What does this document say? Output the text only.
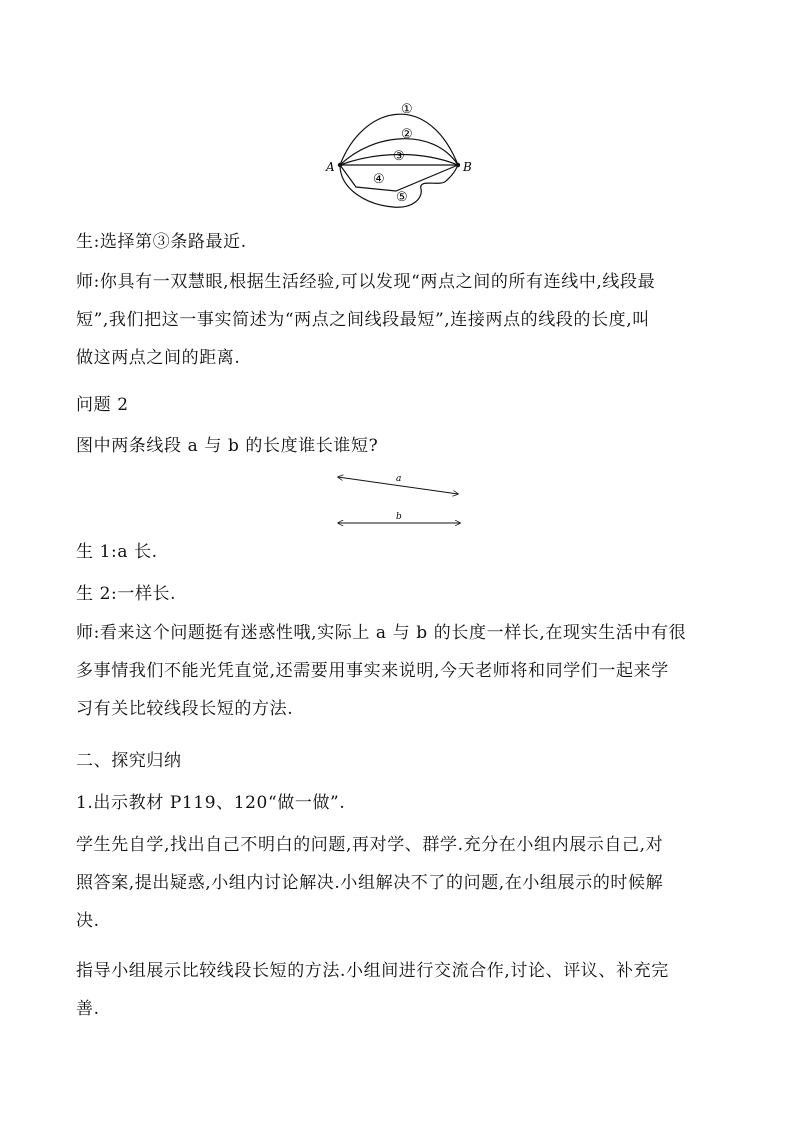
A	B
①
②
③
④
⑤
a
b
生:选择第③条路最近.
师:你具有一双慧眼,根据生活经验,可以发现“两点之间的所有连线中,线段最
短”,我们把这一事实简述为“两点之间线段最短”,连接两点的线段的长度,叫
做这两点之间的距离.
问题 2
图中两条线段 a 与 b 的长度谁长谁短?
生 1:a 长.
生 2:一样长.
师:看来这个问题挺有迷惑性哦,实际上 a 与 b 的长度一样长,在现实生活中有很
多事情我们不能光凭直觉,还需要用事实来说明,今天老师将和同学们一起来学
习有关比较线段长短的方法.
二、探究归纳
1.出示教材 P119、120“做一做”.
学生先自学,找出自己不明白的问题,再对学、群学.充分在小组内展示自己,对
照答案,提出疑惑,小组内讨论解决.小组解决不了的问题,在小组展示的时候解
决.
指导小组展示比较线段长短的方法.小组间进行交流合作,讨论、评议、补充完
善.
